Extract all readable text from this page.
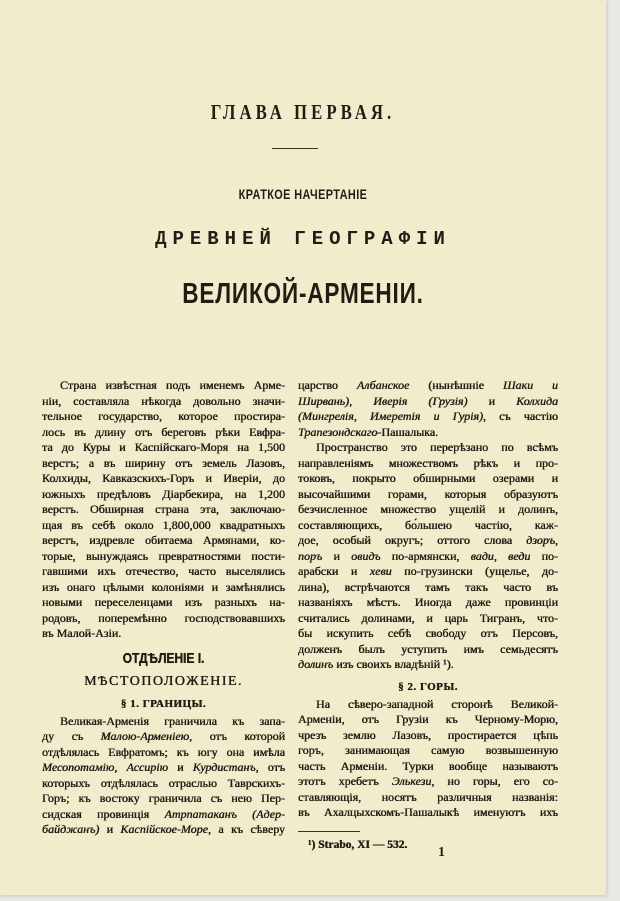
ГЛАВА ПЕРВАЯ.
КРАТКОЕ НАЧЕРТАНІЕ
ДРЕВНЕЙ ГЕОГРАФІИ
ВЕЛИКОЙ-АРМЕНІИ.
Страна извѣстная подъ именемъ Арме-
ніи, составляла нѣкогда довольно значи-
тельное государство, которое простира-
лось въ длину отъ береговъ рѣки Евфра-
та до Куры и Каспійскаго-Моря на 1,500
верстъ; а въ ширину отъ земель Лазовъ,
Колхиды, Кавказскихъ-Горъ и Иверіи, до
южныхъ предѣловъ Діарбекира, на 1,200
верстъ. Обширная страна эта, заключаю-
щая въ себѣ около 1,800,000 квадратныхъ
верстъ, издревле обитаема Армянами, ко-
торые, вынуждаясь превратностями пости-
гавшими ихъ отечество, часто выселялись
изъ онаго цѣлыми колоніями и замѣнялись
новыми переселенцами изъ разныхъ на-
родовъ, поперемѣнно господствовавшихъ
въ Малой-Азіи.
ОТДѢЛЕНІЕ I.
МѢСТОПОЛОЖЕНІЕ.
§ 1. ГРАНИЦЫ.
Великая-Арменія граничила къ запа-
ду съ Малою-Арменіею, отъ которой
отдѣлялась Евфратомъ; къ югу она имѣла
Месопотамію, Ассирію и Курдистанъ, отъ
которыхъ отдѣлялась отраслью Таврскихъ-
Горъ; къ востоку граничила съ нею Пер-
сидская провинція Атрпатаканъ (Адер-
байджанъ) и Каспійское-Море, а къ сѣверу
царство Албанское (нынѣшніе Шаки и
Ширвань), Иверія (Грузія) и Колхида
(Мингрелія, Имеретія и Гурія), съ частію
Трапезондскаго-Пашалыка.
Пространство это перерѣзано по всѣмъ
направленіямъ множествомъ рѣкъ и про-
токовъ, покрыто обширными озерами и
высочайшими горами, которыя образуютъ
безчисленное множество ущелій и долинъ,
составляющихъ, бо́льшею частію, каж-
дое, особый округъ; оттого слова дзоръ,
поръ и овидъ по-армянски, вади, веди по-
арабски и хеви по-грузински (ущелье, до-
лина), встрѣчаются тамъ такъ часто въ
названіяхъ мѣстъ. Иногда даже провинціи
считались долинами, и царь Тигранъ, что-
бы искупить себѣ свободу отъ Персовъ,
долженъ былъ уступить имъ семьдесятъ
долинъ изъ своихъ владѣній ¹).
§ 2. ГОРЫ.
На сѣверо-западной сторонѣ Великой-
Арменіи, отъ Грузіи къ Черному-Морю,
чрезъ землю Лазовъ, простирается цѣпь
горъ, занимающая самую возвышенную
часть Арменіи. Турки вообще называютъ
этотъ хребетъ Элькези, но горы, его со-
ставляющія, носятъ различныя названія:
въ Ахалцыхскомъ-Пашалыкѣ именуютъ ихъ
¹) Strabo, XI — 532.
1
